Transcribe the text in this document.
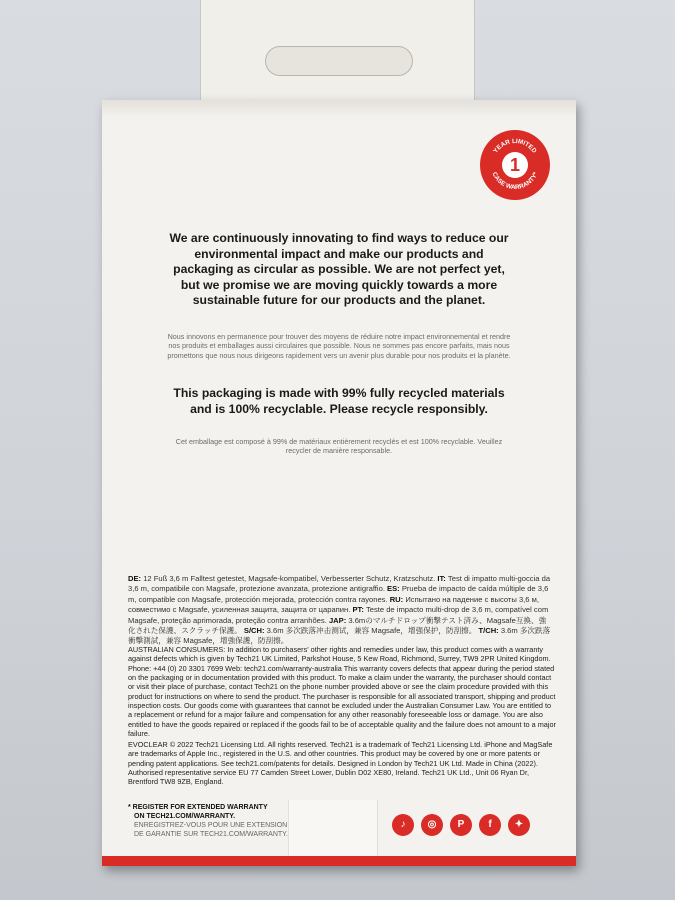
YEAR LIMITED
CASE WARRANTY*
1
We are continuously innovating to find ways to reduce our environmental impact and make our products and packaging as circular as possible. We are not perfect yet, but we promise we are moving quickly towards a more sustainable future for our products and the planet.
Nous innovons en permanence pour trouver des moyens de réduire notre impact environnemental et rendre nos produits et emballages aussi circulaires que possible. Nous ne sommes pas encore parfaits, mais nous promettons que nous nous dirigeons rapidement vers un avenir plus durable pour nos produits et la planète.
This packaging is made with 99% fully recycled materials and is 100% recyclable. Please recycle responsibly.
Cet emballage est composé à 99% de matériaux entièrement recyclés et est 100% recyclable. Veuillez recycler de manière responsable.
DE: 12 Fuß 3,6 m Falltest getestet, Magsafe-kompatibel, Verbesserter Schutz, Kratzschutz. IT: Test di impatto multi-goccia da 3,6 m, compatibile con Magsafe, protezione avanzata, protezione antigraffio. ES: Prueba de impacto de caída múltiple de 3,6 m, compatible con Magsafe, protección mejorada, protección contra rayones. RU: Испытано на падение с высоты 3,6 м, совместимо с Magsafe, усиленная защита, защита от царапин. PT: Teste de impacto multi-drop de 3,6 m, compatível com Magsafe, proteção aprimorada, proteção contra arranhões. JAP: 3.6mのマルチドロップ衝撃テスト済み、Magsafe互換、強化された保護、スクラッチ保護。 S/CH: 3.6m 多次跌落冲击测试，兼容 Magsafe，增强保护，防刮擦。 T/CH: 3.6m 多次跌落衝擊測試，兼容 Magsafe，增強保護，防刮擦。
AUSTRALIAN CONSUMERS: In addition to purchasers' other rights and remedies under law, this product comes with a warranty against defects which is given by Tech21 UK Limited, Parkshot House, 5 Kew Road, Richmond, Surrey, TW9 2PR United Kingdom. Phone: +44 (0) 20 3301 7699 Web: tech21.com/warranty-australia This warranty covers defects that appear during the period stated on the packaging or in documentation provided with this product. To make a claim under the warranty, the purchaser should contact or visit their place of purchase, contact Tech21 on the phone number provided above or see the claim procedure provided with this product for instructions on where to send the product. The purchaser is responsible for all associated transport, shipping and product inspection costs. Our goods come with guarantees that cannot be excluded under the Australian Consumer Law. You are entitled to a replacement or refund for a major failure and compensation for any other reasonably foreseeable loss or damage. You are also entitled to have the goods repaired or replaced if the goods fail to be of acceptable quality and the failure does not amount to a major failure.
EVOCLEAR © 2022 Tech21 Licensing Ltd. All rights reserved. Tech21 is a trademark of Tech21 Licensing Ltd. iPhone and MagSafe are trademarks of Apple Inc., registered in the U.S. and other countries. This product may be covered by one or more patents or pending patent applications. See tech21.com/patents for details. Designed in London by Tech21 UK Ltd. Made in China (2022). Authorised representative service EU 77 Camden Street Lower, Dublin D02 XE80, Ireland. Tech21 UK Ltd., Unit 06 Ryan Dr, Brentford TW8 9ZB, England.
* REGISTER FOR EXTENDED WARRANTY
ON TECH21.COM/WARRANTY.
ENREGISTREZ-VOUS POUR UNE EXTENSION
DE GARANTIE SUR TECH21.COM/WARRANTY.
♪	◎	P	f	✦
